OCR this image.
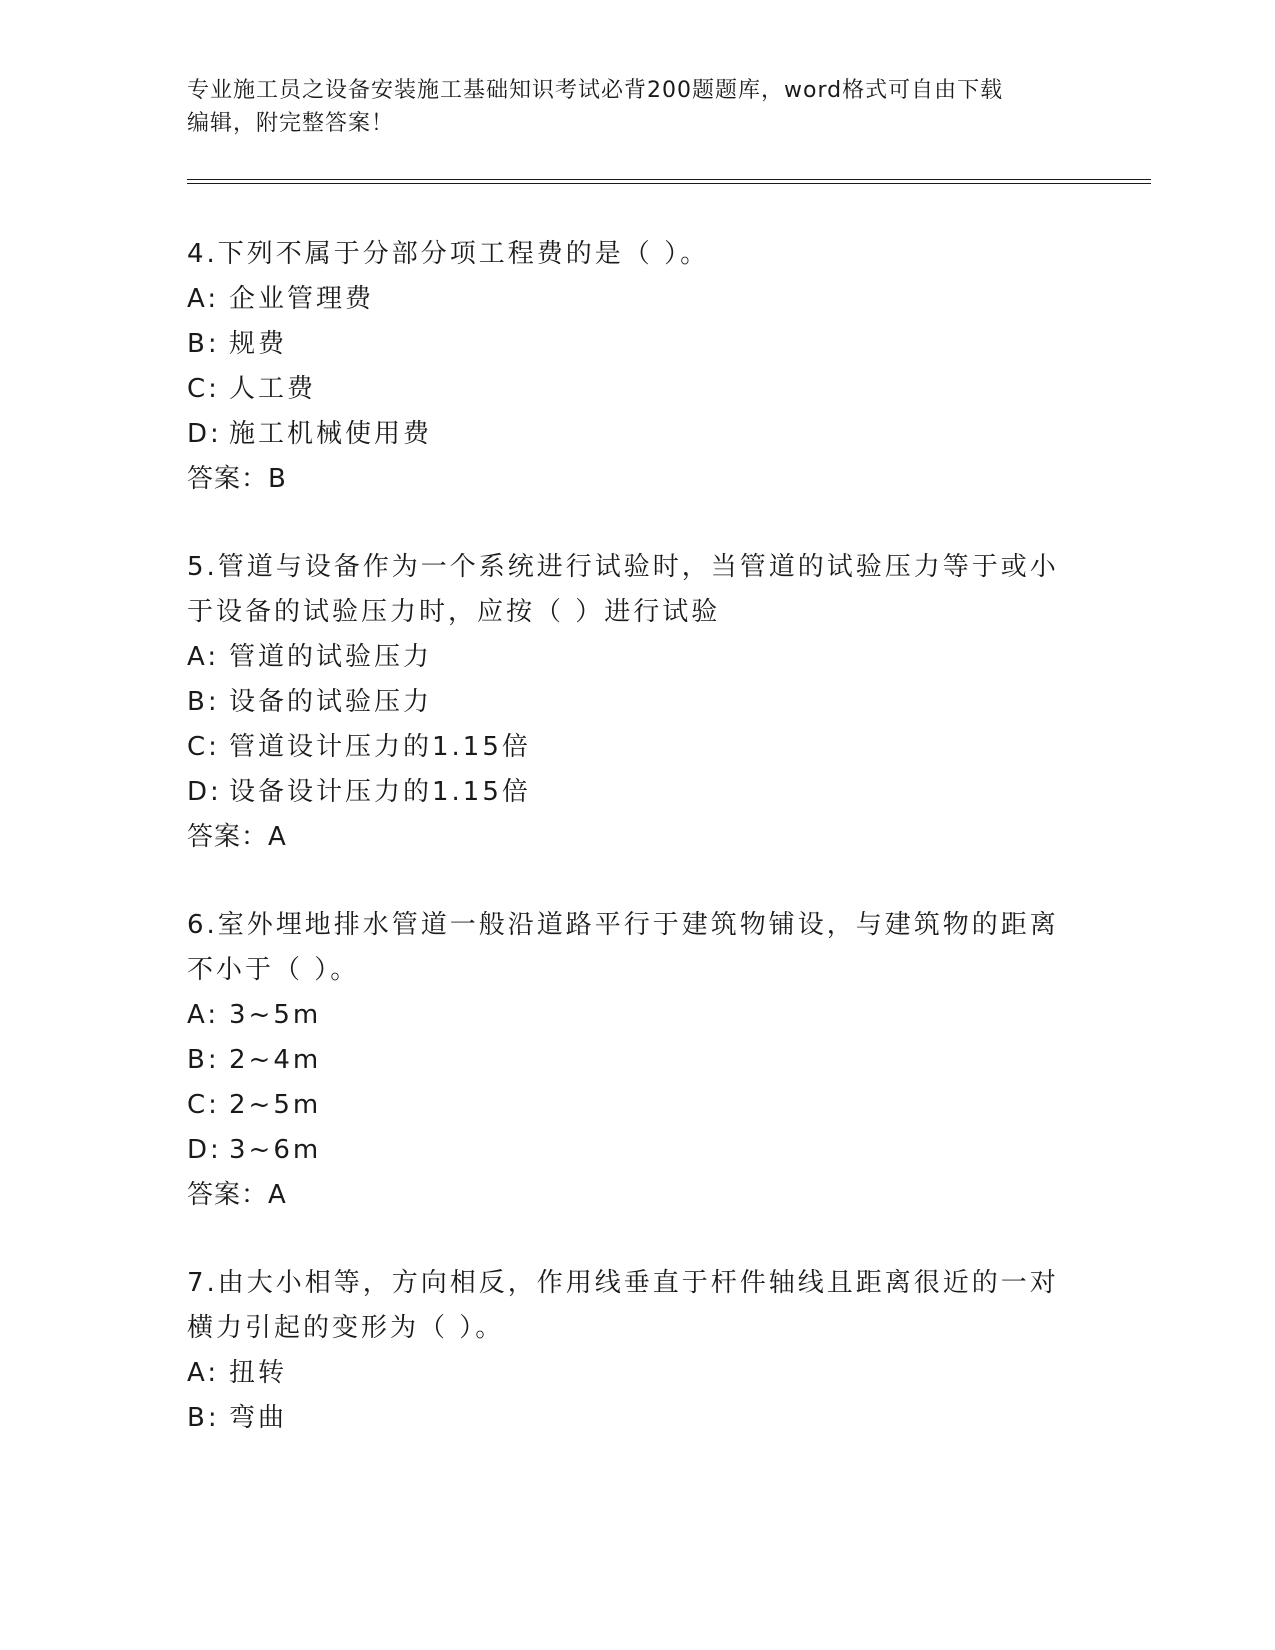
专业施工员之设备安装施工基础知识考试必背200题题库，word格式可自由下载
编辑，附完整答案！

4.下列不属于分部分项工程费的是（ ）。

A: 企业管理费

B: 规费

C: 人工费

D: 施工机械使用费

答案：B

5.管道与设备作为一个系统进行试验时，当管道的试验压力等于或小于设备的试验压力时，应按（ ）进行试验

A: 管道的试验压力

B: 设备的试验压力

C: 管道设计压力的1.15倍

D: 设备设计压力的1.15倍

答案：A

6.室外埋地排水管道一般沿道路平行于建筑物铺设，与建筑物的距离不小于（ ）。

A: 3~5m

B: 2~4m

C: 2~5m

D: 3~6m

答案：A

7.由大小相等，方向相反，作用线垂直于杆件轴线且距离很近的一对横力引起的变形为（ ）。

A: 扭转

B: 弯曲
